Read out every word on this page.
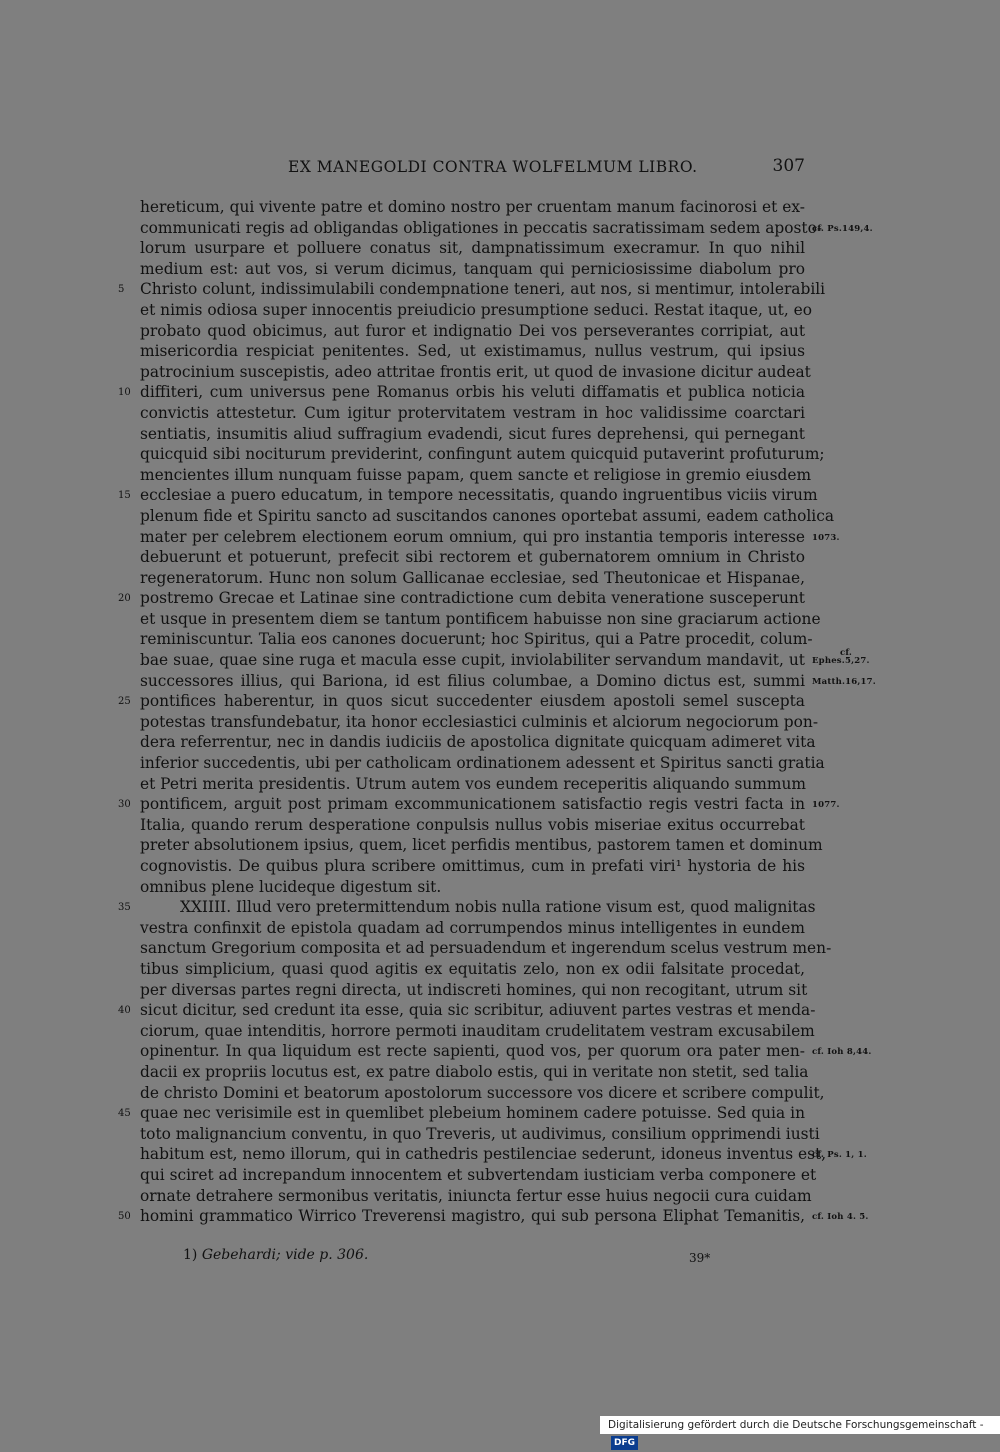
EX MANEGOLDI CONTRA WOLFELMUM LIBRO.	307
hereticum, qui vivente patre et domino nostro per cruentam manum facinorosi et ex-
communicati regis ad obligandas obligationes in peccatis sacratissimam sedem aposto-
cf. Ps.149,4.
lorum usurpare et polluere conatus sit, dampnatissimum execramur. In quo nihil
medium est: aut vos, si verum dicimus, tanquam qui perniciosissime diabolum pro
5	Christo colunt, indissimulabili condempnatione teneri, aut nos, si mentimur, intolerabili
et nimis odiosa super innocentis preiudicio presumptione seduci. Restat itaque, ut, eo
probato quod obicimus, aut furor et indignatio Dei vos perseverantes corripiat, aut
misericordia respiciat penitentes. Sed, ut existimamus, nullus vestrum, qui ipsius
patrocinium suscepistis, adeo attritae frontis erit, ut quod de invasione dicitur audeat
10 diffiteri, cum universus pene Romanus orbis his veluti diffamatis et publica noticia
convictis attestetur. Cum igitur protervitatem vestram in hoc validissime coarctari
sentiatis, insumitis aliud suffragium evadendi, sicut fures deprehensi, qui pernegant
quicquid sibi nociturum previderint, confingunt autem quicquid putaverint profuturum;
mencientes illum nunquam fuisse papam, quem sancte et religiose in gremio eiusdem
15 ecclesiae a puero educatum, in tempore necessitatis, quando ingruentibus viciis virum
plenum fide et Spiritu sancto ad suscitandos canones oportebat assumi, eadem catholica
mater per celebrem electionem eorum omnium, qui pro instantia temporis interesse 1073.
debuerunt et potuerunt, prefecit sibi rectorem et gubernatorem omnium in Christo
regeneratorum. Hunc non solum Gallicanae ecclesiae, sed Theutonicae et Hispanae,
20 postremo Grecae et Latinae sine contradictione cum debita veneratione susceperunt
et usque in presentem diem se tantum pontificem habuisse non sine graciarum actione
reminiscuntur. Talia eos canones docuerunt; hoc Spiritus, qui a Patre procedit, colum-
bae suae, quae sine ruga et macula esse cupit, inviolabiliter servandum mandavit, ut	cf.
Ephes.5,27.
successores illius, qui Bariona, id est filius columbae, a Domino dictus est, summi Matth.16,17.
25 pontifices haberentur, in quos sicut succedenter eiusdem apostoli semel suscepta
potestas transfundebatur, ita honor ecclesiastici culminis et alciorum negociorum pon-
dera referrentur, nec in dandis iudiciis de apostolica dignitate quicquam adimeret vita
inferior succedentis, ubi per catholicam ordinationem adessent et Spiritus sancti gratia
et Petri merita presidentis. Utrum autem vos eundem receperitis aliquando summum
30 pontificem, arguit post primam excommunicationem satisfactio regis vestri facta in 1077.
Italia, quando rerum desperatione conpulsis nullus vobis miseriae exitus occurrebat
preter absolutionem ipsius, quem, licet perfidis mentibus, pastorem tamen et dominum
cognovistis. De quibus plura scribere omittimus, cum in prefati viri¹ hystoria de his
omnibus plene lucideque digestum sit.
35	XXIIII. Illud vero pretermittendum nobis nulla ratione visum est, quod malignitas
vestra confinxit de epistola quadam ad corrumpendos minus intelligentes in eundem
sanctum Gregorium composita et ad persuadendum et ingerendum scelus vestrum men-
tibus simplicium, quasi quod agitis ex equitatis zelo, non ex odii falsitate procedat,
per diversas partes regni directa, ut indiscreti homines, qui non recogitant, utrum sit
40 sicut dicitur, sed credunt ita esse, quia sic scribitur, adiuvent partes vestras et menda-
ciorum, quae intenditis, horrore permoti inauditam crudelitatem vestram excusabilem
opinentur. In qua liquidum est recte sapienti, quod vos, per quorum ora pater men- cf. Ioh 8,44.
dacii ex propriis locutus est, ex patre diabolo estis, qui in veritate non stetit, sed talia
de christo Domini et beatorum apostolorum successore vos dicere et scribere compulit,
45 quae nec verisimile est in quemlibet plebeium hominem cadere potuisse. Sed quia in
toto malignancium conventu, in quo Treveris, ut audivimus, consilium opprimendi iusti
habitum est, nemo illorum, qui in cathedris pestilenciae sederunt, idoneus inventus est,
cf. Ps. 1, 1.
qui sciret ad increpandum innocentem et subvertendam iusticiam verba componere et
ornate detrahere sermonibus veritatis, iniuncta fertur esse huius negocii cura cuidam
50 homini grammatico Wirrico Treverensi magistro, qui sub persona Eliphat Temanitis, cf. Ioh 4. 5.
1) Gebehardi; vide p. 306.	39*
Digitalisierung gefördert durch die Deutsche Forschungsgemeinschaft -DFG
